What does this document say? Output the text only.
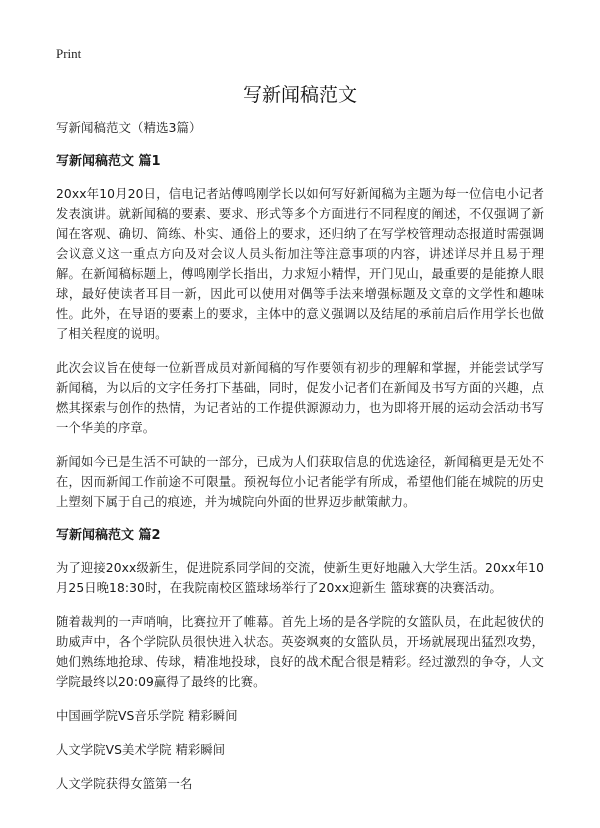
Print
写新闻稿范文

写新闻稿范文（精选3篇）

写新闻稿范文 篇1

20xx年10月20日，信电记者站傅鸣刚学长以如何写好新闻稿为主题为每一位信电小记者发表演讲。就新闻稿的要素、要求、形式等多个方面进行不同程度的阐述，不仅强调了新闻在客观、确切、简练、朴实、通俗上的要求，还归纳了在写学校管理动态报道时需强调会议意义这一重点方向及对会议人员头衔加注等注意事项的内容，讲述详尽并且易于理解。在新闻稿标题上，傅鸣刚学长指出，力求短小精悍，开门见山，最重要的是能撩人眼球，最好使读者耳目一新，因此可以使用对偶等手法来增强标题及文章的文学性和趣味性。此外，在导语的要素上的要求，主体中的意义强调以及结尾的承前启后作用学长也做了相关程度的说明。

此次会议旨在使每一位新晋成员对新闻稿的写作要领有初步的理解和掌握，并能尝试学写新闻稿，为以后的文字任务打下基础，同时，促发小记者们在新闻及书写方面的兴趣，点燃其探索与创作的热情，为记者站的工作提供源源动力，也为即将开展的运动会活动书写一个华美的序章。

新闻如今已是生活不可缺的一部分，已成为人们获取信息的优选途径，新闻稿更是无处不在，因而新闻工作前途不可限量。预祝每位小记者能学有所成，希望他们能在城院的历史上塑刻下属于自己的痕迹，并为城院向外面的世界迈步献策献力。

写新闻稿范文 篇2

为了迎接20xx级新生，促进院系同学间的交流，使新生更好地融入大学生活。20xx年10月25日晚18:30时，在我院南校区篮球场举行了20xx迎新生 篮球赛的决赛活动。

随着裁判的一声哨响，比赛拉开了帷幕。首先上场的是各学院的女篮队员，在此起彼伏的助威声中，各个学院队员很快进入状态。英姿飒爽的女篮队员，开场就展现出猛烈攻势，她们熟练地抢球、传球，精准地投球，良好的战术配合很是精彩。经过激烈的争夺，人文学院最终以20:09赢得了最终的比赛。

中国画学院VS音乐学院 精彩瞬间

人文学院VS美术学院 精彩瞬间

人文学院获得女篮第一名
